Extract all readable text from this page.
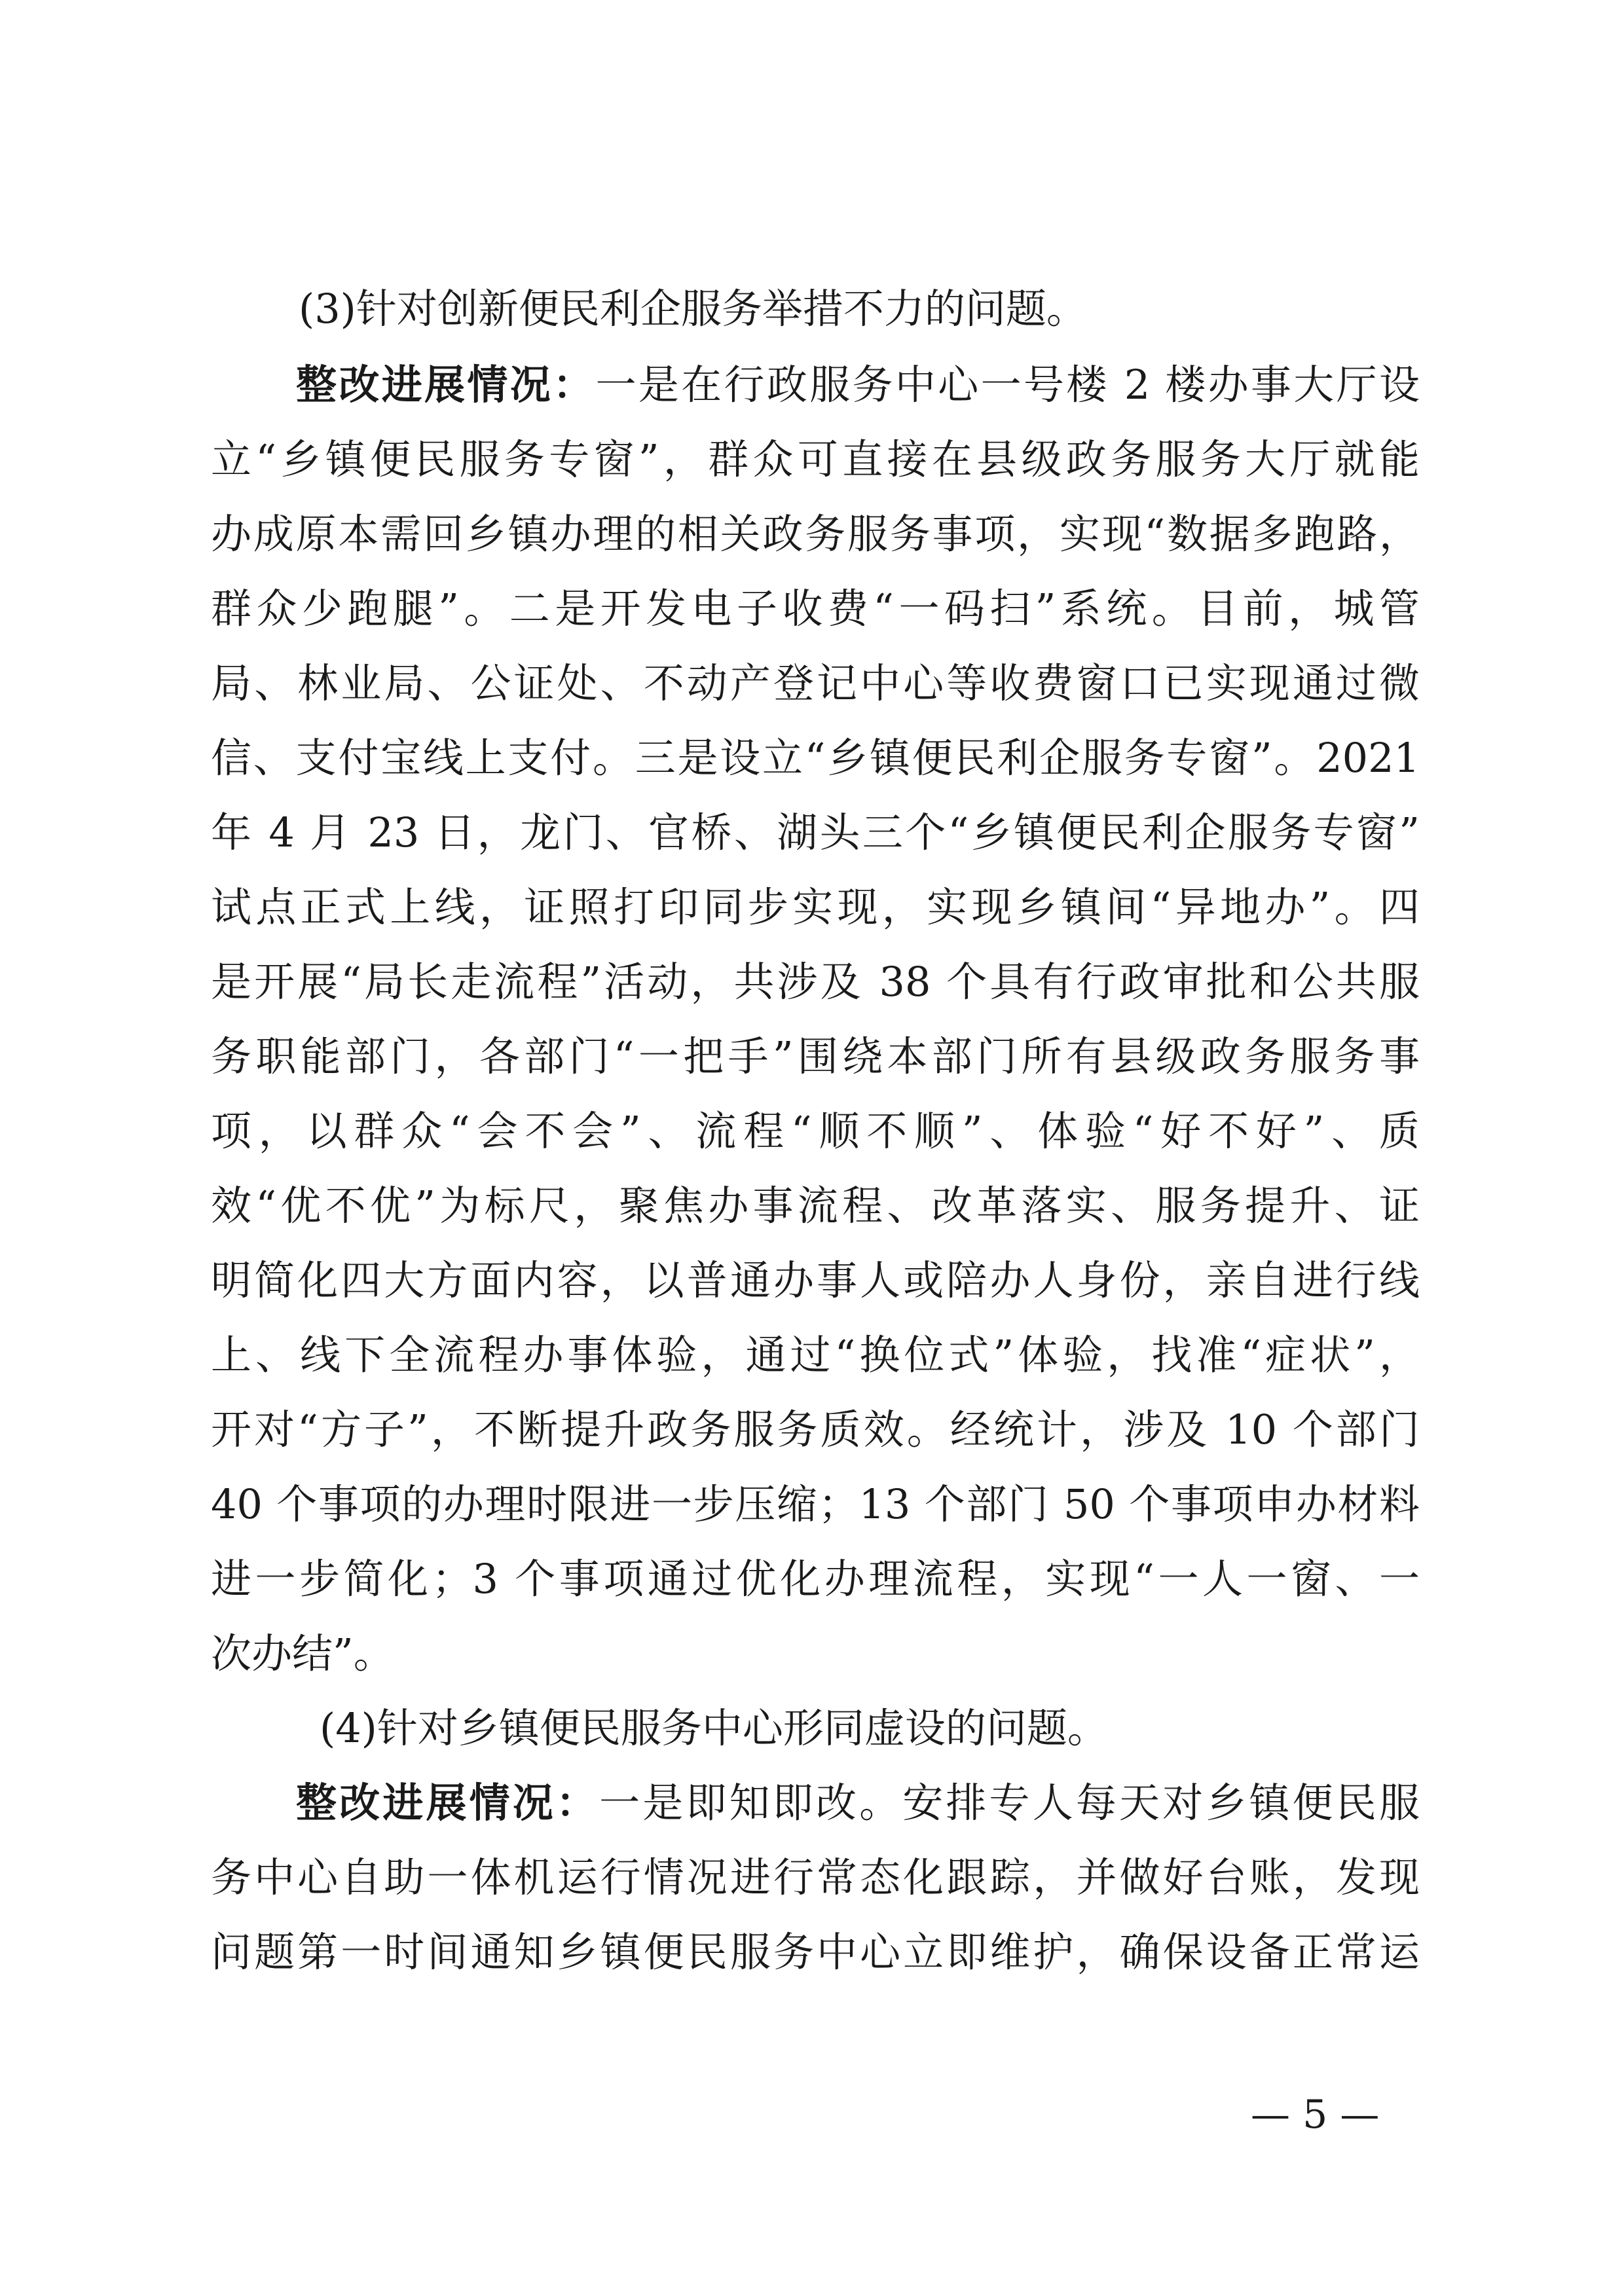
(3)针对创新便民利企服务举措不力的问题。
整改进展情况：一是在行政服务中心一号楼 2 楼办事大厅设
立“乡镇便民服务专窗”，群众可直接在县级政务服务大厅就能
办成原本需回乡镇办理的相关政务服务事项，实现“数据多跑路，
群众少跑腿”。二是开发电子收费“一码扫”系统。目前，城管
局、林业局、公证处、不动产登记中心等收费窗口已实现通过微
信、支付宝线上支付。三是设立“乡镇便民利企服务专窗”。2021
年 4 月 23 日，龙门、官桥、湖头三个“乡镇便民利企服务专窗”
试点正式上线，证照打印同步实现，实现乡镇间“异地办”。四
是开展“局长走流程”活动，共涉及 38 个具有行政审批和公共服
务职能部门，各部门“一把手”围绕本部门所有县级政务服务事
项，以群众“会不会”、流程“顺不顺”、体验“好不好”、质
效“优不优”为标尺，聚焦办事流程、改革落实、服务提升、证
明简化四大方面内容，以普通办事人或陪办人身份，亲自进行线
上、线下全流程办事体验，通过“换位式”体验，找准“症状”，
开对“方子”，不断提升政务服务质效。经统计，涉及 10 个部门
40 个事项的办理时限进一步压缩；13 个部门 50 个事项申办材料
进一步简化；3 个事项通过优化办理流程，实现“一人一窗、一
次办结”。
(4)针对乡镇便民服务中心形同虚设的问题。
整改进展情况：一是即知即改。安排专人每天对乡镇便民服
务中心自助一体机运行情况进行常态化跟踪，并做好台账，发现
问题第一时间通知乡镇便民服务中心立即维护，确保设备正常运
— 5 —
